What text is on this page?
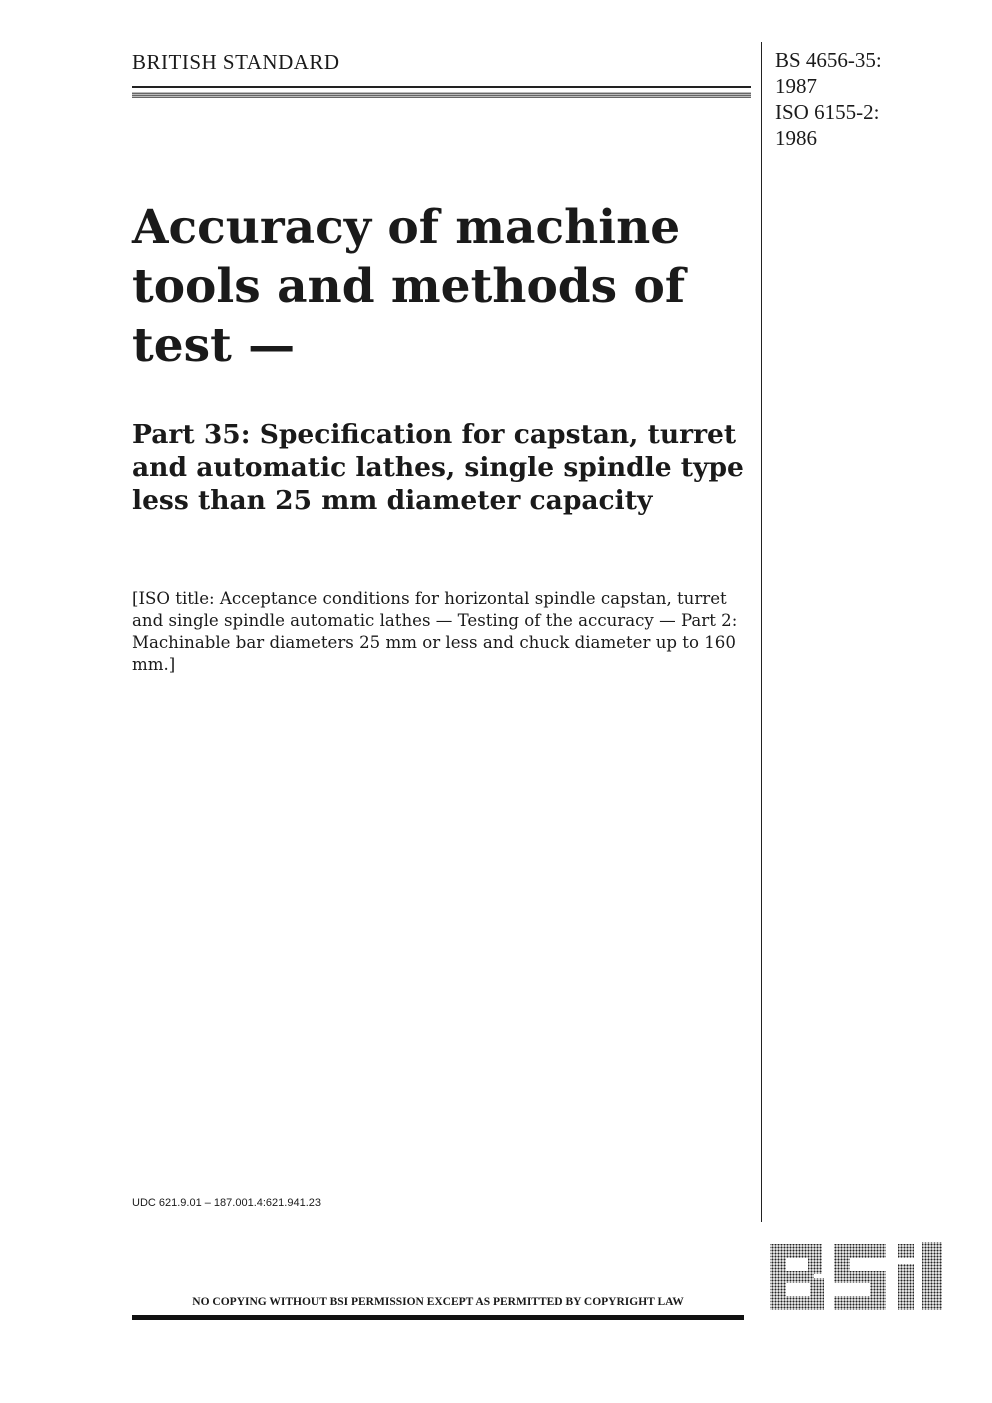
BRITISH STANDARD	BS 4656-35:
1987
ISO 6155-2:
1986
Accuracy of machine tools and methods of test —
Part 35: Specification for capstan, turret and automatic lathes, single spindle type less than 25 mm diameter capacity
[ISO title: Acceptance conditions for horizontal spindle capstan, turret and single spindle automatic lathes — Testing of the accuracy — Part 2: Machinable bar diameters 25 mm or less and chuck diameter up to 160 mm.]
UDC 621.9.01 – 187.001.4:621.941.23
NO COPYING WITHOUT BSI PERMISSION EXCEPT AS PERMITTED BY COPYRIGHT LAW
